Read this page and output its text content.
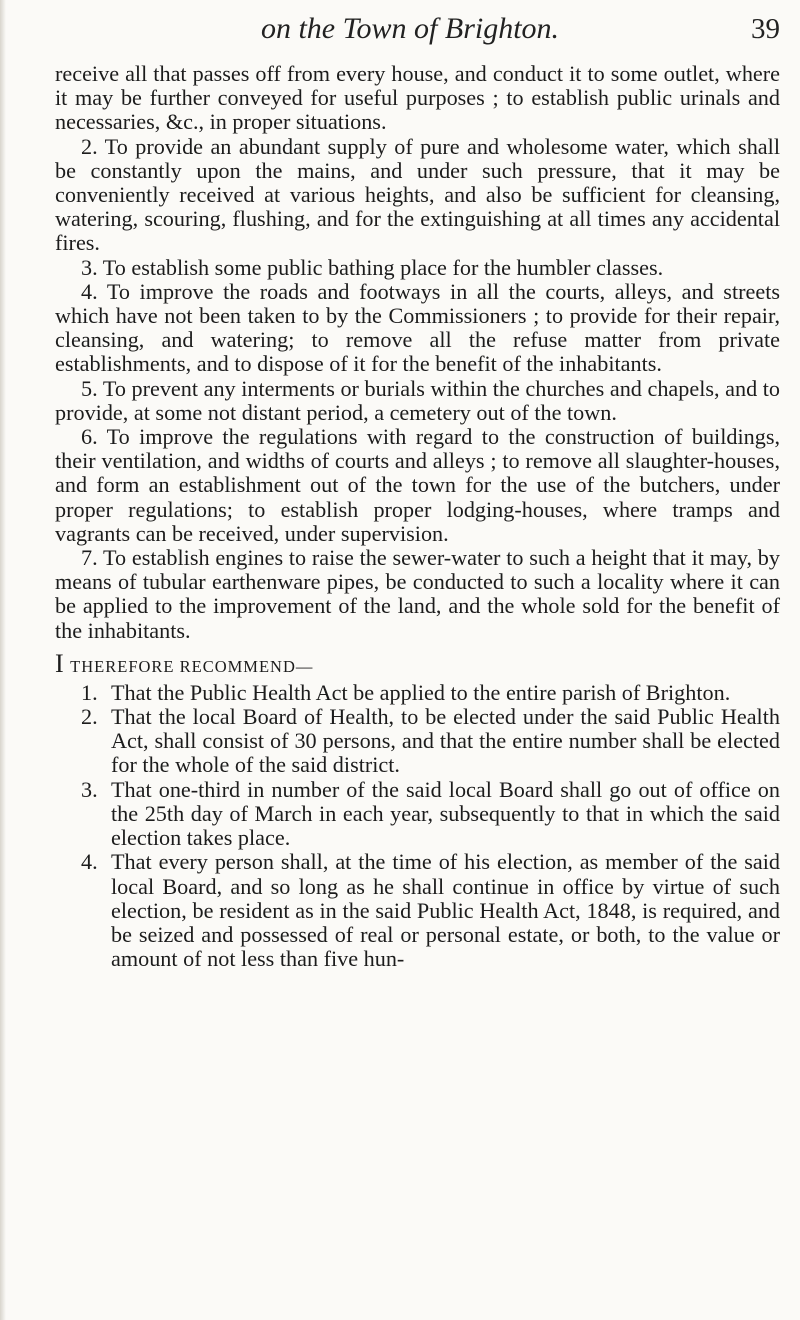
on the Town of Brighton.	39

receive all that passes off from every house, and conduct it to some outlet, where it may be further conveyed for useful purposes ; to establish public urinals and necessaries, &c., in proper situations.

2. To provide an abundant supply of pure and wholesome water, which shall be constantly upon the mains, and under such pressure, that it may be conveniently received at various heights, and also be sufficient for cleansing, watering, scouring, flushing, and for the extinguishing at all times any accidental fires.

3. To establish some public bathing place for the humbler classes.

4. To improve the roads and footways in all the courts, alleys, and streets which have not been taken to by the Commissioners ; to provide for their repair, cleansing, and watering; to remove all the refuse matter from private establishments, and to dispose of it for the benefit of the inhabitants.

5. To prevent any interments or burials within the churches and chapels, and to provide, at some not distant period, a cemetery out of the town.

6. To improve the regulations with regard to the construction of buildings, their ventilation, and widths of courts and alleys ; to remove all slaughter-houses, and form an establishment out of the town for the use of the butchers, under proper regulations; to establish proper lodging-houses, where tramps and vagrants can be received, under supervision.

7. To establish engines to raise the sewer-water to such a height that it may, by means of tubular earthenware pipes, be conducted to such a locality where it can be applied to the improvement of the land, and the whole sold for the benefit of the inhabitants.

I THEREFORE RECOMMEND—

1. That the Public Health Act be applied to the entire parish of Brighton.
2. That the local Board of Health, to be elected under the said Public Health Act, shall consist of 30 persons, and that the entire number shall be elected for the whole of the said district.
3. That one-third in number of the said local Board shall go out of office on the 25th day of March in each year, subsequently to that in which the said election takes place.
4. That every person shall, at the time of his election, as member of the said local Board, and so long as he shall continue in office by virtue of such election, be resident as in the said Public Health Act, 1848, is required, and be seized and possessed of real or personal estate, or both, to the value or amount of not less than five hun-
